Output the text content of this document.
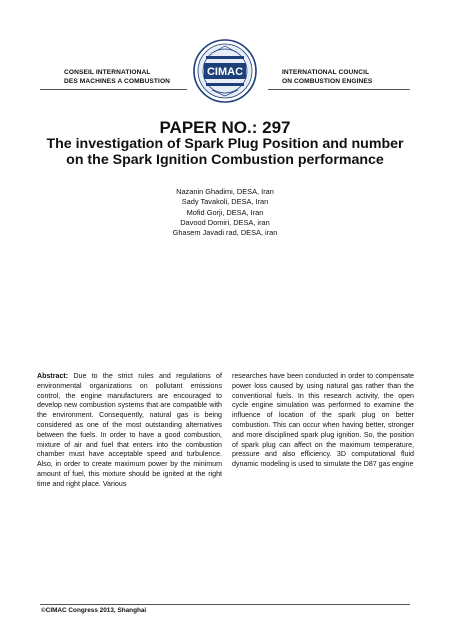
CONSEIL INTERNATIONAL
DES MACHINES A COMBUSTION
CIMAC	INTERNATIONAL COUNCIL
ON COMBUSTION ENGINES
PAPER NO.: 297
The investigation of Spark Plug Position and number on the Spark Ignition Combustion performance
Nazanin Ghadimi, DESA, Iran
Sady Tavakoli, DESA, Iran
Mofid Gorji, DESA, Iran
Davood Domiri, DESA, iran
Ghasem Javadi rad, DESA, iran
Abstract: Due to the strict rules and regulations of environmental organizations on pollutant emissions control, the engine manufacturers are encouraged to develop new combustion systems that are compatible with the environment. Consequently, natural gas is being considered as one of the most outstanding alternatives between the fuels. In order to have a good combustion, mixture of air and fuel that enters into the combustion chamber must have acceptable speed and turbulence. Also, in order to create maximum power by the minimum amount of fuel, this mixture should be ignited at the right time and right place. Various
researches have been conducted in order to compensate power loss caused by using natural gas rather than the conventional fuels. In this research activity, the open cycle engine simulation was performed to examine the influence of location of the spark plug on better combustion. This can occur when having better, stronger and more disciplined spark plug ignition. So, the position of spark plug can affect on the maximum temperature, pressure and also efficiency. 3D computational fluid dynamic modeling is used to simulate the D87 gas engine
©CIMAC Congress 2013, Shanghai
